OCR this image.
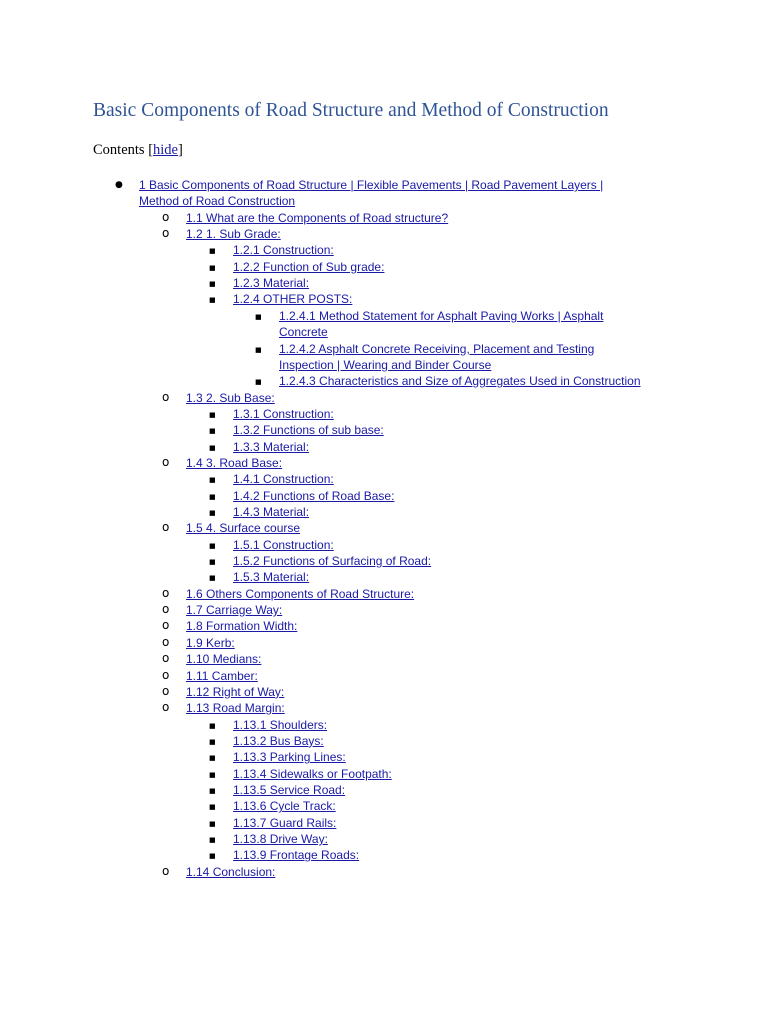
Basic Components of Road Structure and Method of Construction
Contents [hide]
● 1 Basic Components of Road Structure | Flexible Pavements | Road Pavement Layers |
Method of Road Construction
o 1.1 What are the Components of Road structure?
o 1.2 1. Sub Grade:
■ 1.2.1 Construction:
■ 1.2.2 Function of Sub grade:
■ 1.2.3 Material:
■ 1.2.4 OTHER POSTS:
■ 1.2.4.1 Method Statement for Asphalt Paving Works | Asphalt
Concrete
■ 1.2.4.2 Asphalt Concrete Receiving, Placement and Testing
Inspection | Wearing and Binder Course
■ 1.2.4.3 Characteristics and Size of Aggregates Used in Construction
o 1.3 2. Sub Base:
■ 1.3.1 Construction:
■ 1.3.2 Functions of sub base:
■ 1.3.3 Material:
o 1.4 3. Road Base:
■ 1.4.1 Construction:
■ 1.4.2 Functions of Road Base:
■ 1.4.3 Material:
o 1.5 4. Surface course
■ 1.5.1 Construction:
■ 1.5.2 Functions of Surfacing of Road:
■ 1.5.3 Material:
o 1.6 Others Components of Road Structure:
o 1.7 Carriage Way:
o 1.8 Formation Width:
o 1.9 Kerb:
o 1.10 Medians:
o 1.11 Camber:
o 1.12 Right of Way:
o 1.13 Road Margin:
■ 1.13.1 Shoulders:
■ 1.13.2 Bus Bays:
■ 1.13.3 Parking Lines:
■ 1.13.4 Sidewalks or Footpath:
■ 1.13.5 Service Road:
■ 1.13.6 Cycle Track:
■ 1.13.7 Guard Rails:
■ 1.13.8 Drive Way:
■ 1.13.9 Frontage Roads:
o 1.14 Conclusion:
